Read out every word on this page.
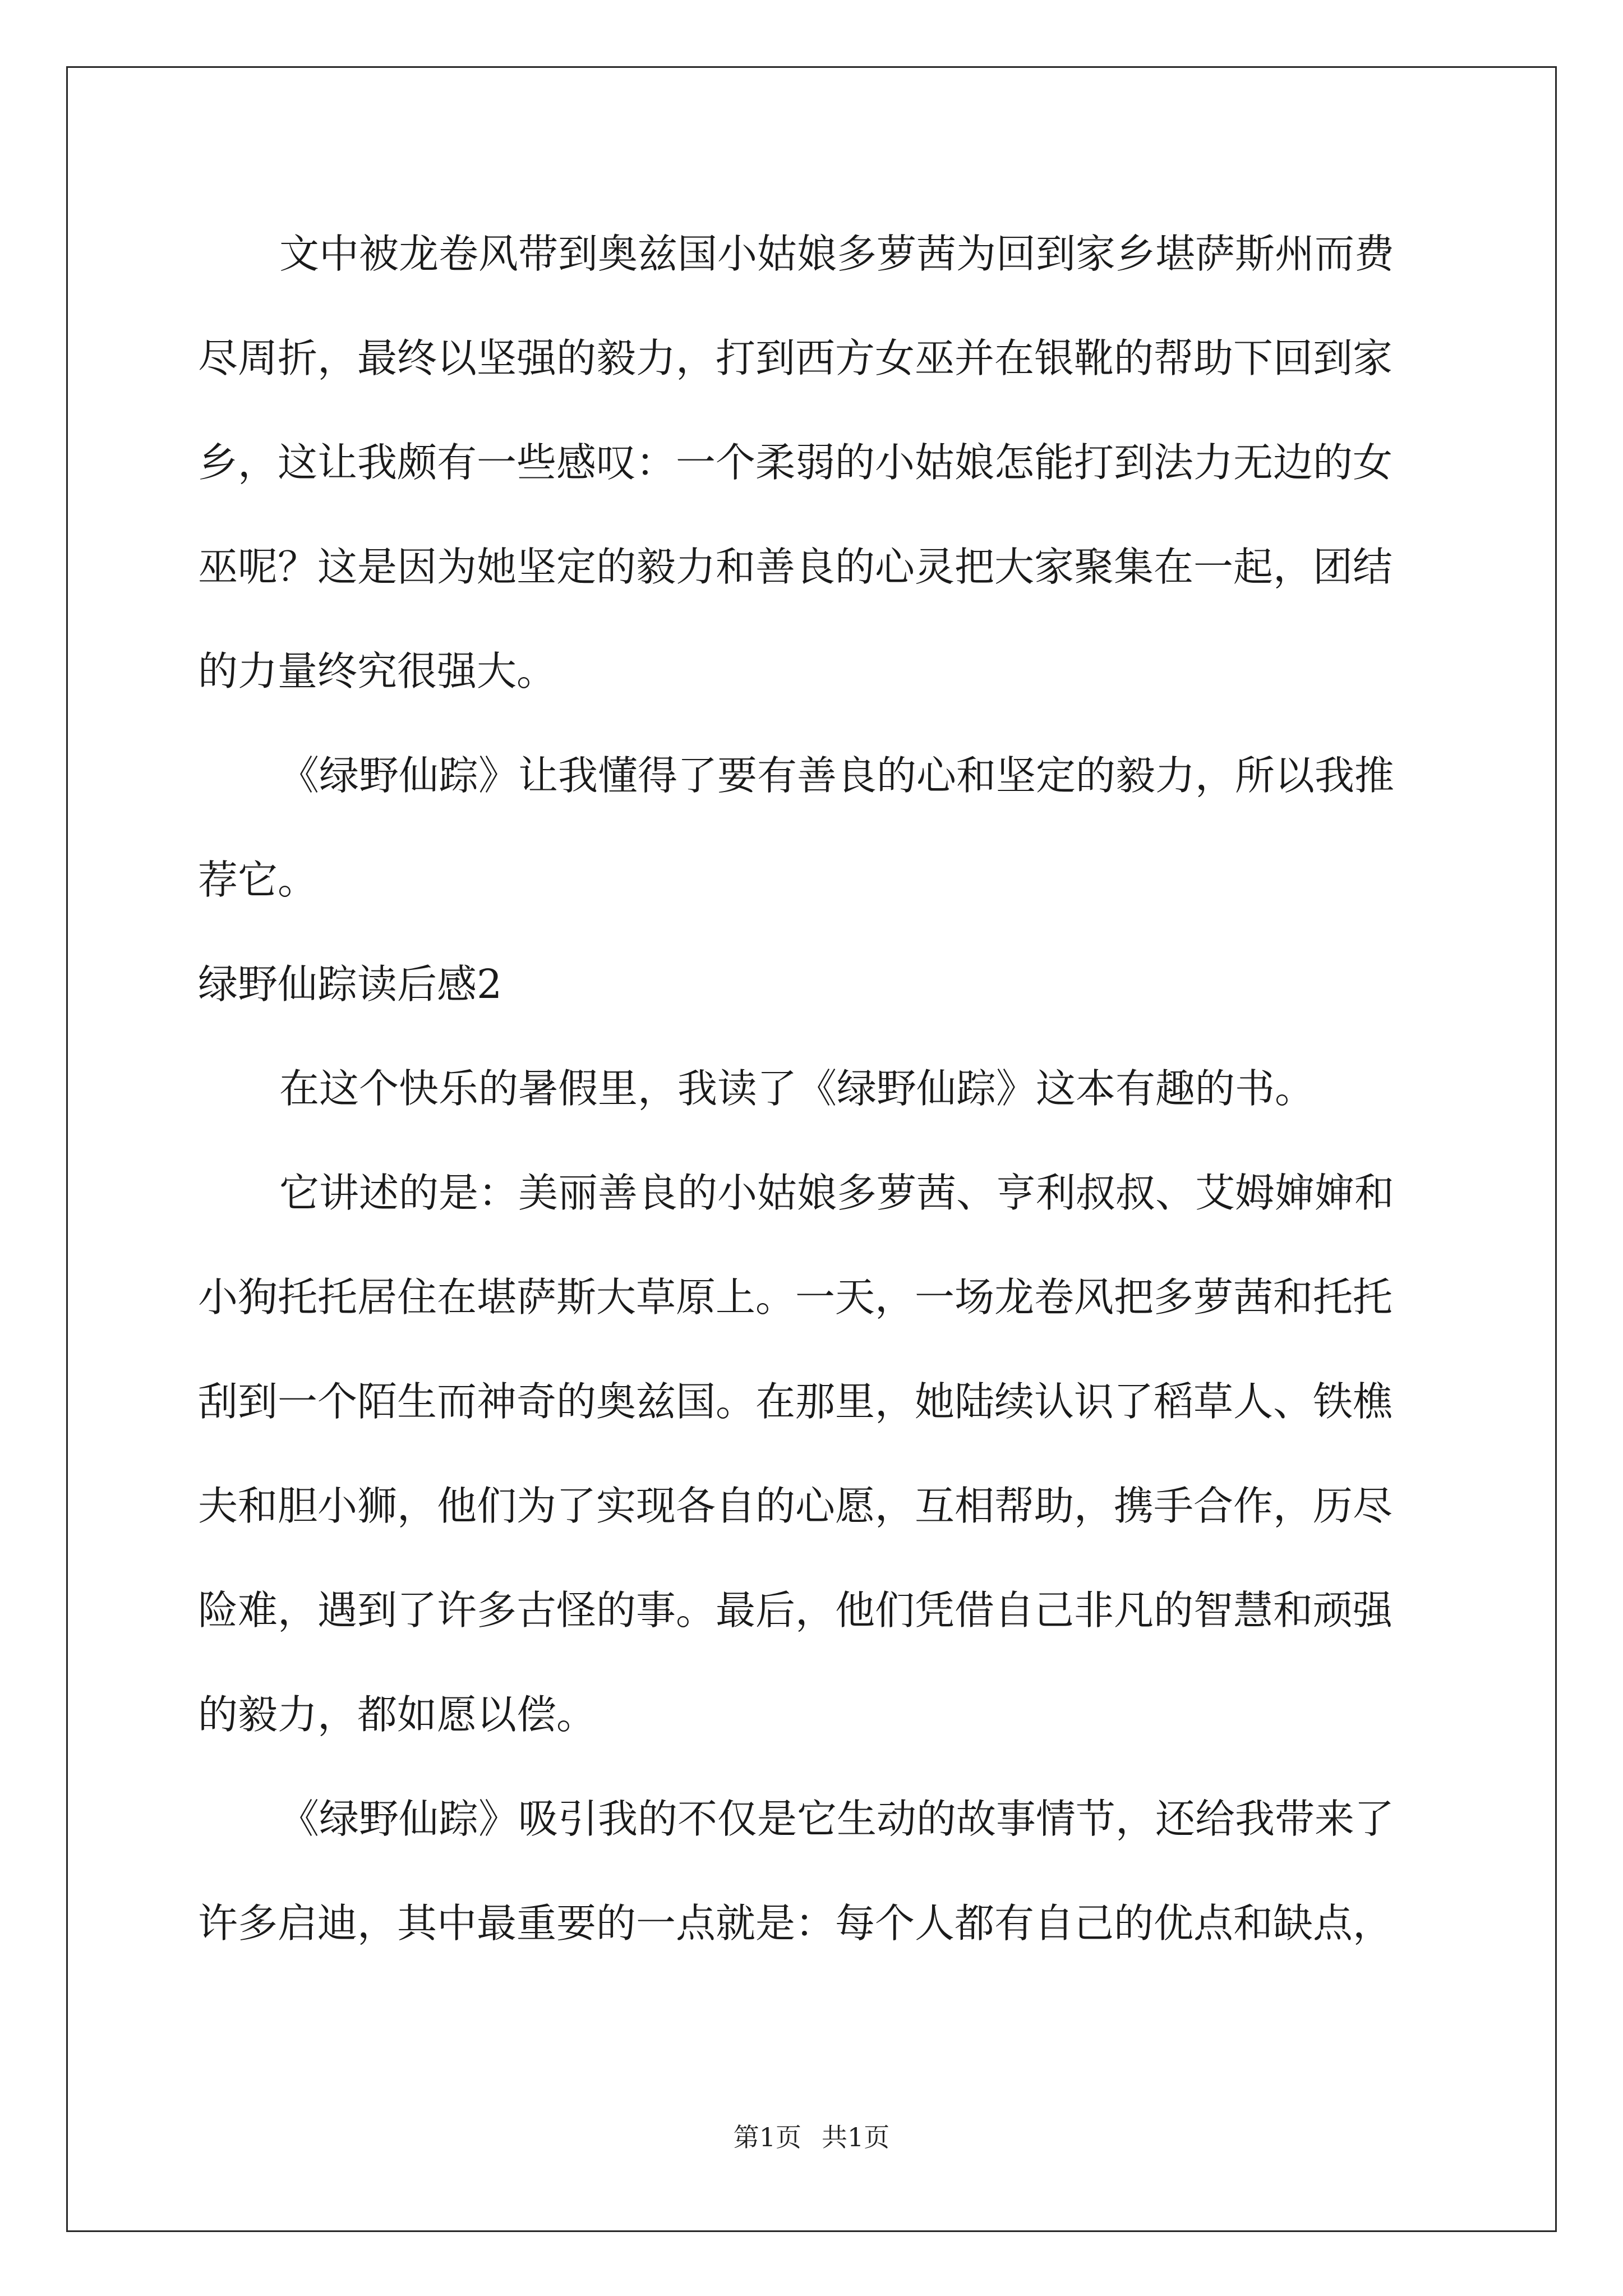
文中被龙卷风带到奥兹国小姑娘多萝茜为回到家乡堪萨斯州而费

尽周折，最终以坚强的毅力，打到西方女巫并在银靴的帮助下回到家

乡，这让我颇有一些感叹：一个柔弱的小姑娘怎能打到法力无边的女

巫呢？这是因为她坚定的毅力和善良的心灵把大家聚集在一起，团结

的力量终究很强大。

《绿野仙踪》让我懂得了要有善良的心和坚定的毅力，所以我推

荐它。

绿野仙踪读后感2

在这个快乐的暑假里，我读了《绿野仙踪》这本有趣的书。

它讲述的是：美丽善良的小姑娘多萝茜、亨利叔叔、艾姆婶婶和

小狗托托居住在堪萨斯大草原上。一天，一场龙卷风把多萝茜和托托

刮到一个陌生而神奇的奥兹国。在那里，她陆续认识了稻草人、铁樵

夫和胆小狮，他们为了实现各自的心愿，互相帮助，携手合作，历尽

险难，遇到了许多古怪的事。最后，他们凭借自己非凡的智慧和顽强

的毅力，都如愿以偿。

《绿野仙踪》吸引我的不仅是它生动的故事情节，还给我带来了

许多启迪，其中最重要的一点就是：每个人都有自己的优点和缺点，

第1页 共1页
